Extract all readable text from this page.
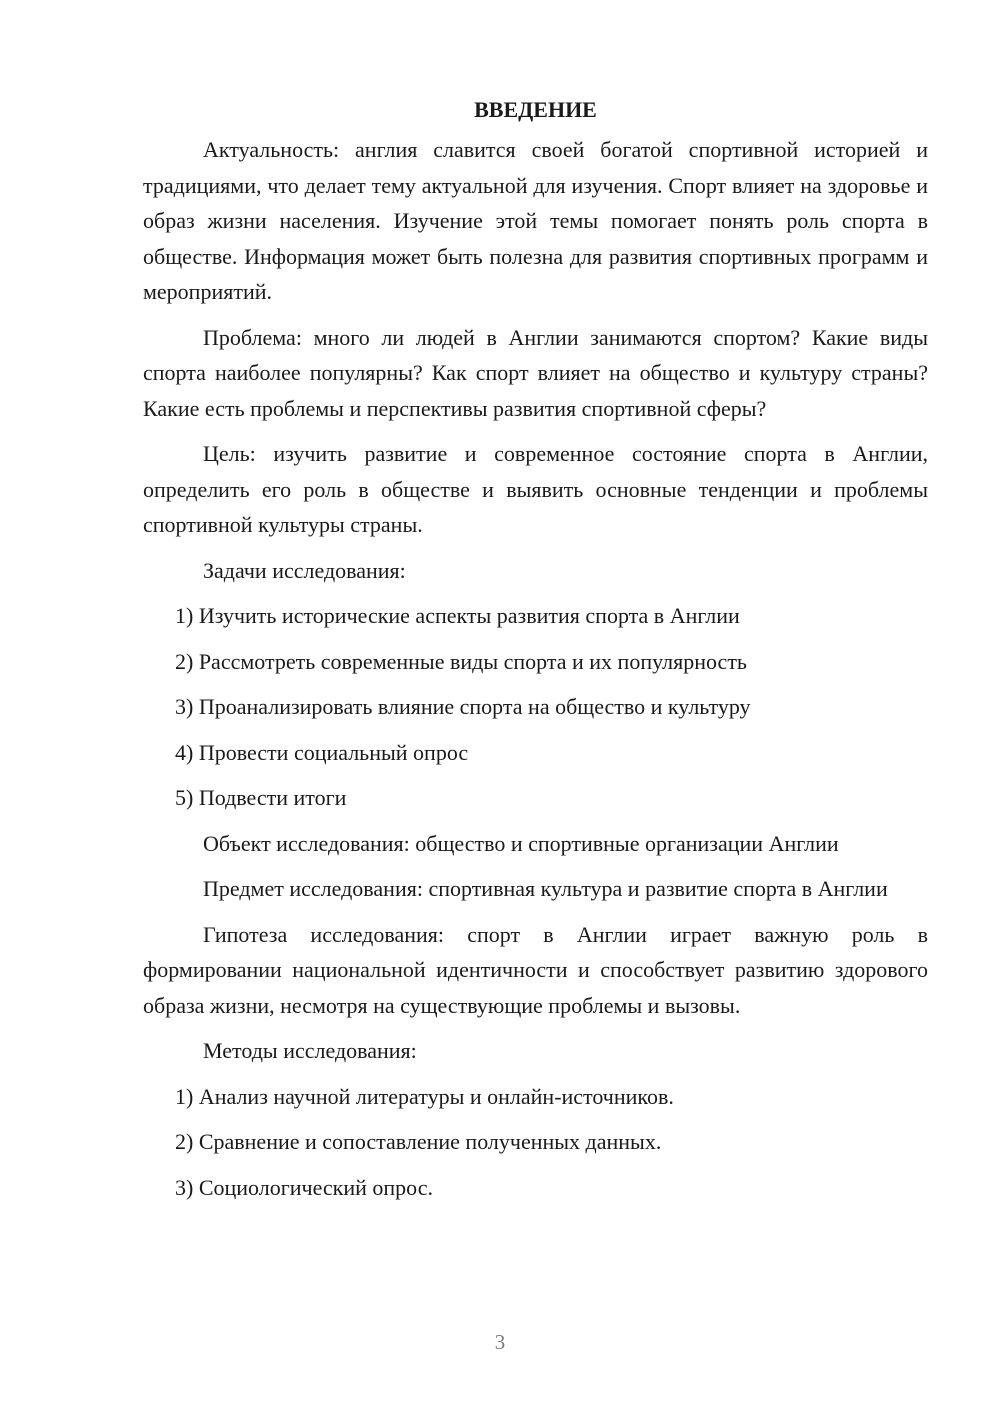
ВВЕДЕНИЕ

Актуальность: англия славится своей богатой спортивной историей и традициями, что делает тему актуальной для изучения. Спорт влияет на здоровье и образ жизни населения. Изучение этой темы помогает понять роль спорта в обществе. Информация может быть полезна для развития спортивных программ и мероприятий.

Проблема: много ли людей в Англии занимаются спортом? Какие виды спорта наиболее популярны? Как спорт влияет на общество и культуру страны? Какие есть проблемы и перспективы развития спортивной сферы?

Цель: изучить развитие и современное состояние спорта в Англии, определить его роль в обществе и выявить основные тенденции и проблемы спортивной культуры страны.

Задачи исследования:
1) Изучить исторические аспекты развития спорта в Англии
2) Рассмотреть современные виды спорта и их популярность
3) Проанализировать влияние спорта на общество и культуру
4) Провести социальный опрос
5) Подвести итоги
Объект исследования: общество и спортивные организации Англии

Предмет исследования: спортивная культура и развитие спорта в Англии

Гипотеза исследования: спорт в Англии играет важную роль в формировании национальной идентичности и способствует развитию здорового образа жизни, несмотря на существующие проблемы и вызовы.

Методы исследования:
1) Анализ научной литературы и онлайн-источников.
2) Сравнение и сопоставление полученных данных.
3) Социологический опрос.
3
